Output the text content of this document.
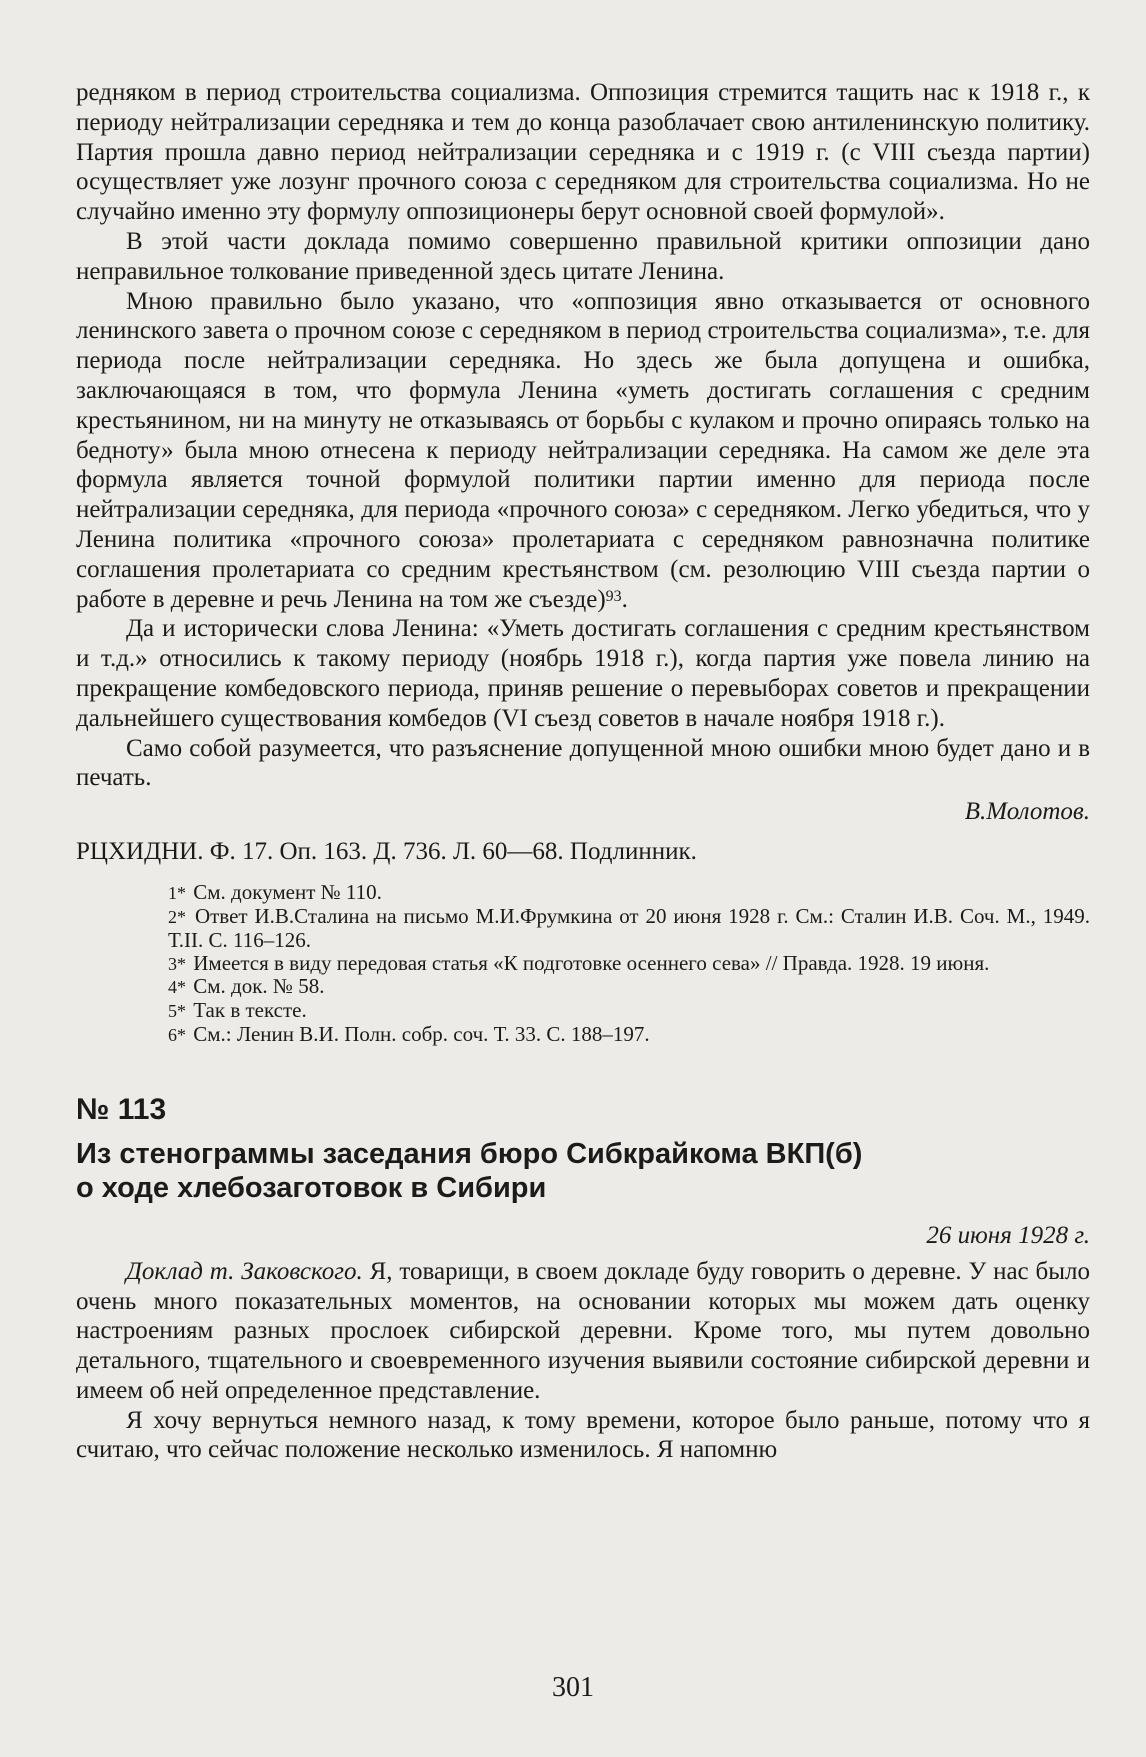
редняком в период строительства социализма. Оппозиция стремится тащить нас к 1918 г., к периоду нейтрализации середняка и тем до конца разоблачает свою антиленинскую политику. Партия прошла давно период нейтрализации середняка и с 1919 г. (с VIII съезда партии) осуществляет уже лозунг прочного союза с середняком для строительства социализма. Но не случайно именно эту формулу оппозиционеры берут основной своей формулой».

В этой части доклада помимо совершенно правильной критики оппозиции дано неправильное толкование приведенной здесь цитате Ленина.

Мною правильно было указано, что «оппозиция явно отказывается от основного ленинского завета о прочном союзе с середняком в период строительства социализма», т.е. для периода после нейтрализации середняка. Но здесь же была допущена и ошибка, заключающаяся в том, что формула Ленина «уметь достигать соглашения с средним крестьянином, ни на минуту не отказываясь от борьбы с кулаком и прочно опираясь только на бедноту» была мною отнесена к периоду нейтрализации середняка. На самом же деле эта формула является точной формулой политики партии именно для периода после нейтрализации середняка, для периода «прочного союза» с середняком. Легко убедиться, что у Ленина политика «прочного союза» пролетариата с середняком равнозначна политике соглашения пролетариата со средним крестьянством (см. резолюцию VIII съезда партии о работе в деревне и речь Ленина на том же съезде)$^{93}$.

Да и исторически слова Ленина: «Уметь достигать соглашения с средним крестьянством и т.д.» относились к такому периоду (ноябрь 1918 г.), когда партия уже повела линию на прекращение комбедовского периода, приняв решение о перевыборах советов и прекращении дальнейшего существования комбедов (VI съезд советов в начале ноября 1918 г.).

Само собой разумеется, что разъяснение допущенной мною ошибки мною будет дано и в печать.

В.Молотов.

РЦХИДНИ. Ф. 17. Оп. 163. Д. 736. Л. 60—68. Подлинник.

1* См. документ № 110.

2* Ответ И.В.Сталина на письмо М.И.Фрумкина от 20 июня 1928 г. См.: Сталин И.В. Соч. М., 1949. Т.II. С. 116–126.

3* Имеется в виду передовая статья «К подготовке осеннего сева» // Правда. 1928. 19 июня.

4* См. док. № 58.

5* Так в тексте.

6* См.: Ленин В.И. Полн. собр. соч. Т. 33. С. 188–197.

№ 113

Из стенограммы заседания бюро Сибкрайкома ВКП(б)
о ходе хлебозаготовок в Сибири

26 июня 1928 г.

Доклад т. Заковского. Я, товарищи, в своем докладе буду говорить о деревне. У нас было очень много показательных моментов, на основании которых мы можем дать оценку настроениям разных прослоек сибирской деревни. Кроме того, мы путем довольно детального, тщательного и своевременного изучения выявили состояние сибирской деревни и имеем об ней определенное представление.

Я хочу вернуться немного назад, к тому времени, которое было раньше, потому что я считаю, что сейчас положение несколько изменилось. Я напомню

301
